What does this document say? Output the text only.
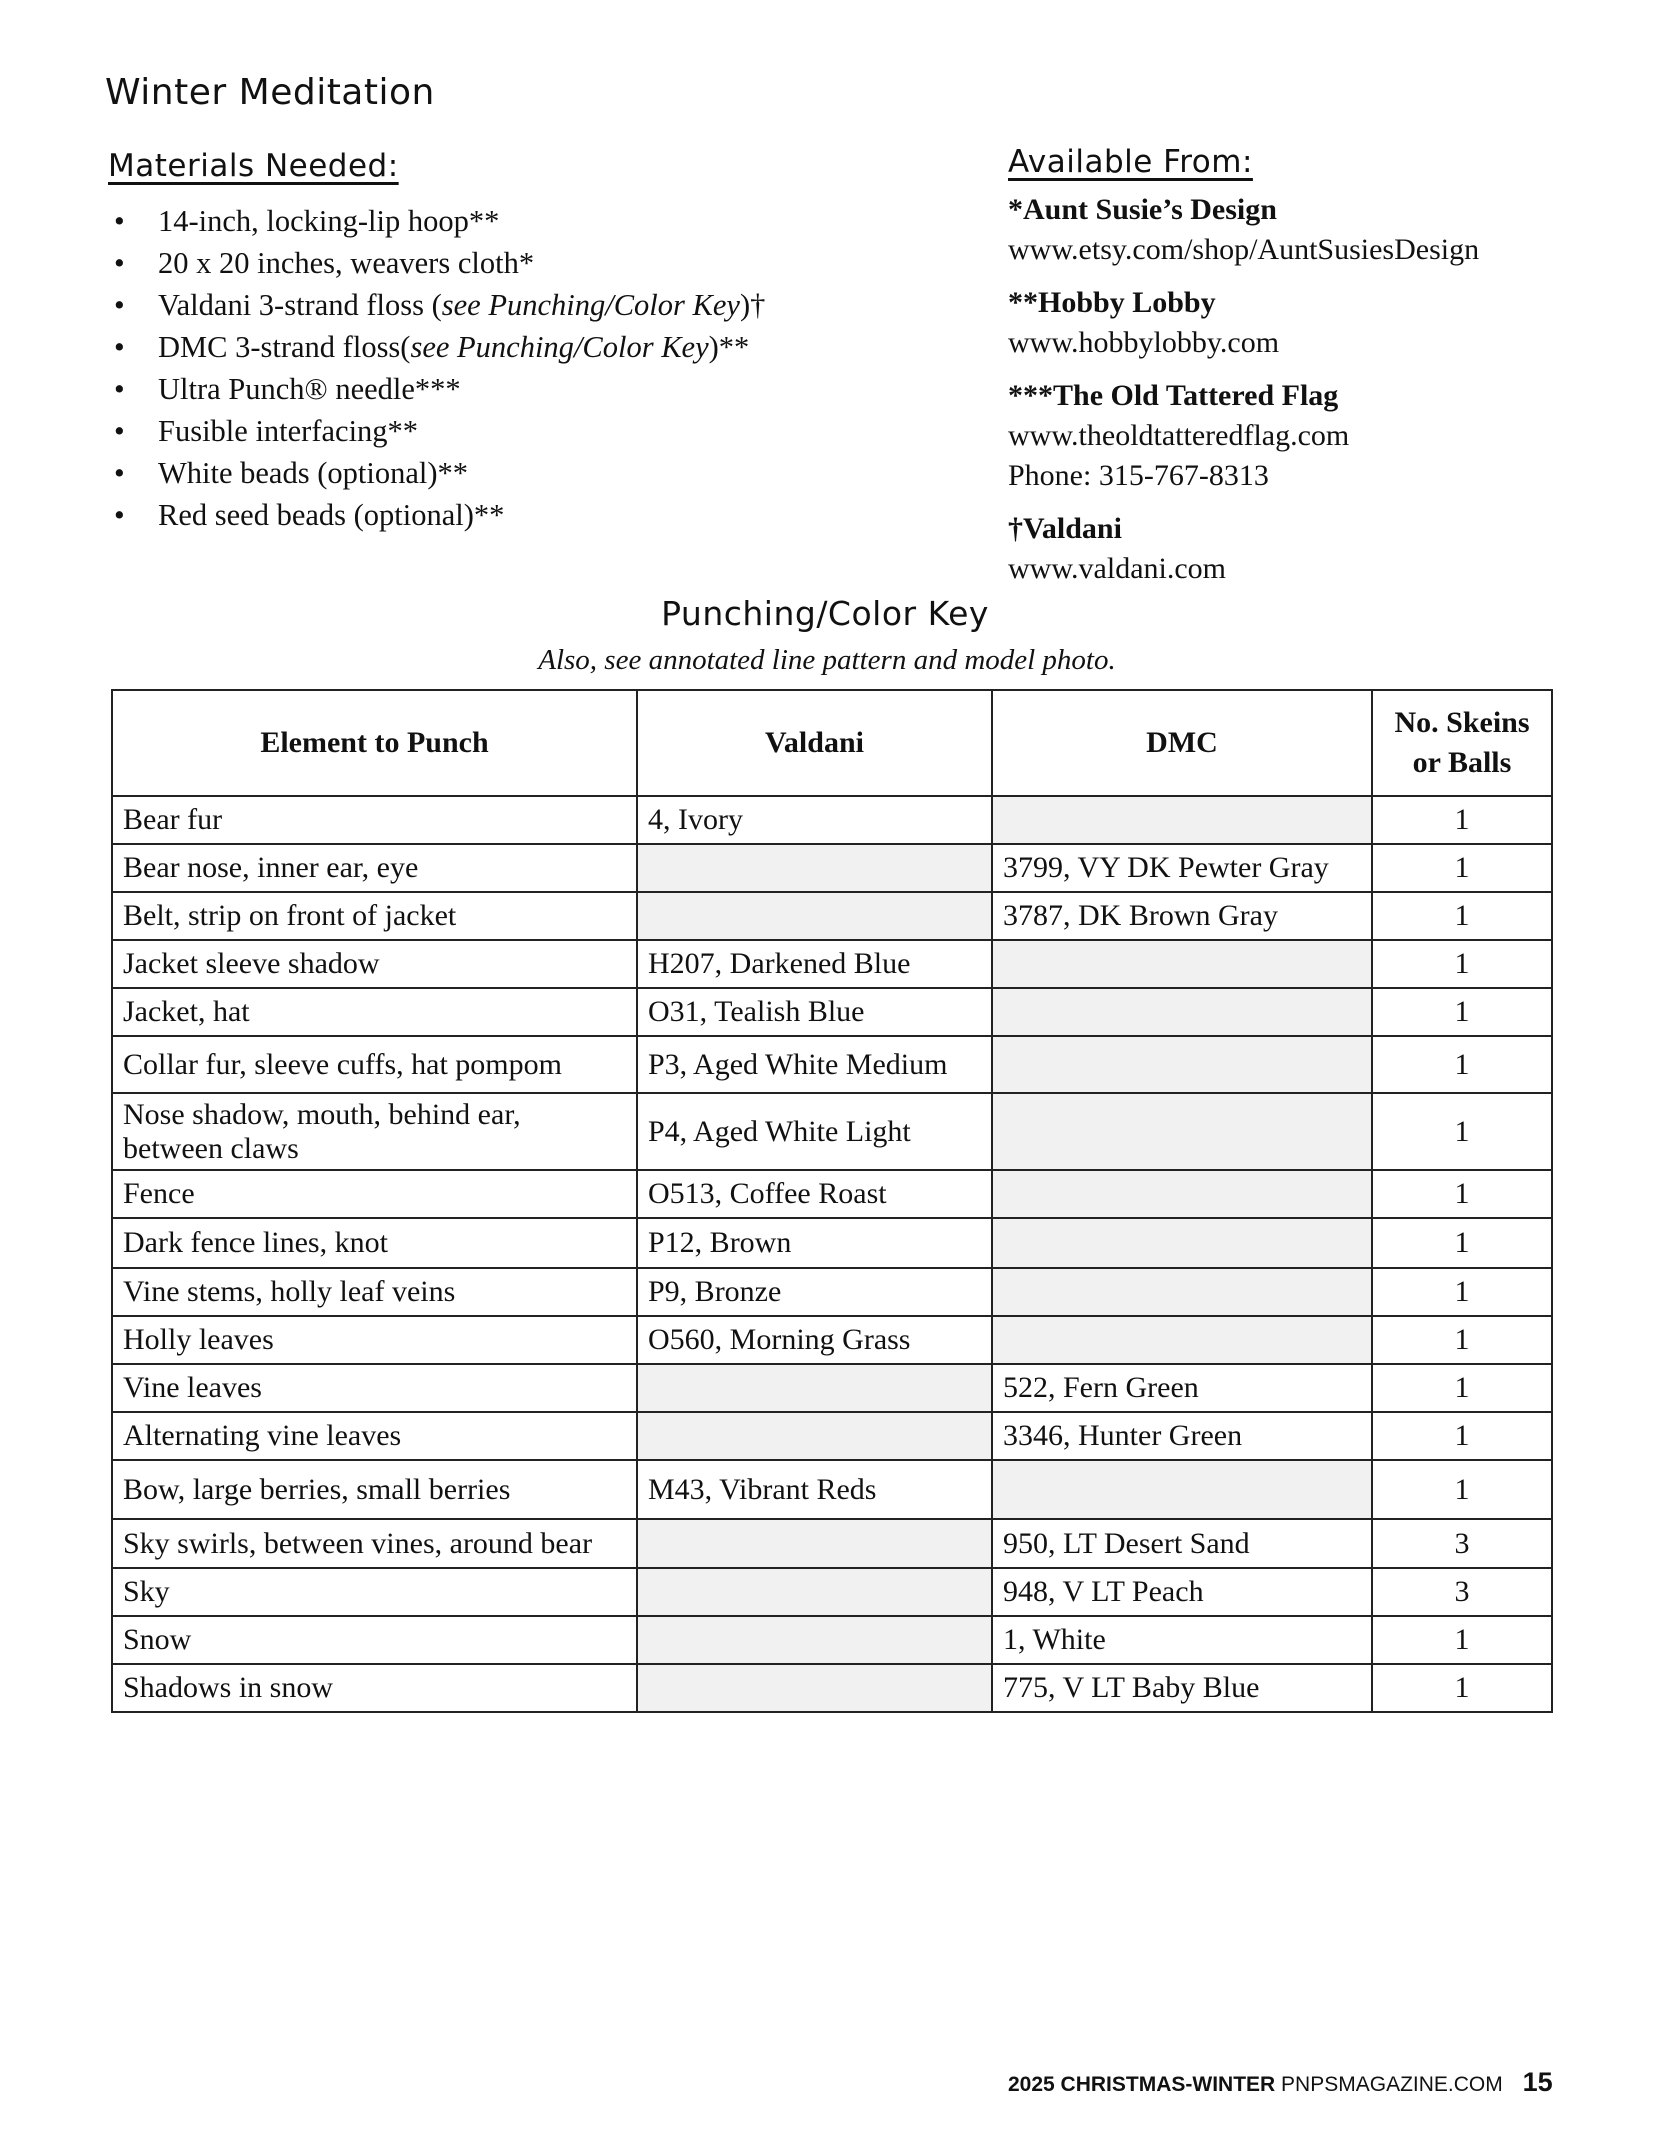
Winter Meditation
Materials Needed:
• 14-inch, locking-lip hoop**
• 20 x 20 inches, weavers cloth*
• Valdani 3-strand floss (see Punching/Color Key)†
• DMC 3-strand floss(see Punching/Color Key)**
• Ultra Punch® needle***
• Fusible interfacing**
• White beads (optional)**
• Red seed beads (optional)**
Available From:
*Aunt Susie’s Design
www.etsy.com/shop/AuntSusiesDesign
**Hobby Lobby
www.hobbylobby.com
***The Old Tattered Flag
www.theoldtatteredflag.com
Phone: 315-767-8313
†Valdani
www.valdani.com
Punching/Color Key
Also, see annotated line pattern and model photo.
Element to Punch	Valdani	DMC	No. Skeins or Balls
Bear fur	4, Ivory		1
Bear nose, inner ear, eye		3799, VY DK Pewter Gray	1
Belt, strip on front of jacket		3787, DK Brown Gray	1
Jacket sleeve shadow	H207, Darkened Blue		1
Jacket, hat	O31, Tealish Blue		1
Collar fur, sleeve cuffs, hat pompom	P3, Aged White Medium		1
Nose shadow, mouth, behind ear, between claws	P4, Aged White Light		1
Fence	O513, Coffee Roast		1
Dark fence lines, knot	P12, Brown		1
Vine stems, holly leaf veins	P9, Bronze		1
Holly leaves	O560, Morning Grass		1
Vine leaves		522, Fern Green	1
Alternating vine leaves		3346, Hunter Green	1
Bow, large berries, small berries	M43, Vibrant Reds		1
Sky swirls, between vines, around bear		950, LT Desert Sand	3
Sky		948, V LT Peach	3
Snow		1, White	1
Shadows in snow		775, V LT Baby Blue	1
2025 CHRISTMAS-WINTER PNPSMAGAZINE.COM 15
